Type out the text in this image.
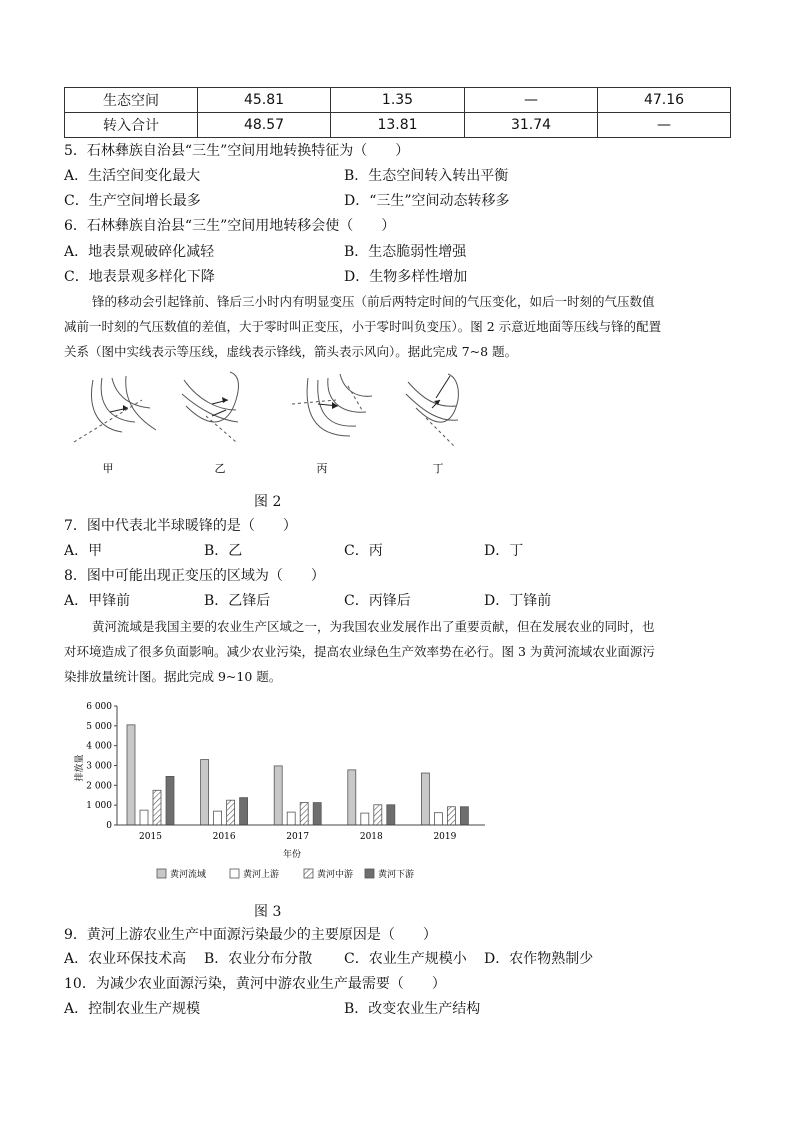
生态空间	45.81	1.35	—	47.16
转入合计	48.57	13.81	31.74	—
5．石林彝族自治县“三生”空间用地转换特征为（　　）
A．生活空间变化最大	B．生态空间转入转出平衡
C．生产空间增长最多	D．“三生”空间动态转移多
6．石林彝族自治县“三生”空间用地转移会使（　　）
A．地表景观破碎化减轻	B．生态脆弱性增强
C．地表景观多样化下降	D．生物多样性增加
锋的移动会引起锋前、锋后三小时内有明显变压（前后两特定时间的气压变化，如后一时刻的气压数值
减前一时刻的气压数值的差值，大于零时叫正变压，小于零时叫负变压）。图 2 示意近地面等压线与锋的配置
关系（图中实线表示等压线，虚线表示锋线，箭头表示风向）。据此完成 7~8 题。
甲	乙	丙	丁
图 2
7．图中代表北半球暖锋的是（　　）
A．甲	B．乙	C．丙	D．丁
8．图中可能出现正变压的区域为（　　）
A．甲锋前	B．乙锋后	C．丙锋后	D．丁锋前
黄河流域是我国主要的农业生产区域之一，为我国农业发展作出了重要贡献，但在发展农业的同时，也
对环境造成了很多负面影响。减少农业污染，提高农业绿色生产效率势在必行。图 3 为黄河流域农业面源污
染排放量统计图。据此完成 9~10 题。
0
1 000
2 000
3 000
4 000
5 000
6 000
2015	2016	2017	2018	2019
排放量
年份
黄河流域	黄河上游	黄河中游	黄河下游
图 3
9．黄河上游农业生产中面源污染最少的主要原因是（　　）
A．农业环保技术高 B．农业分布分散 C．农业生产规模小 D．农作物熟制少
10．为减少农业面源污染，黄河中游农业生产最需要（　　）
A．控制农业生产规模	B．改变农业生产结构
